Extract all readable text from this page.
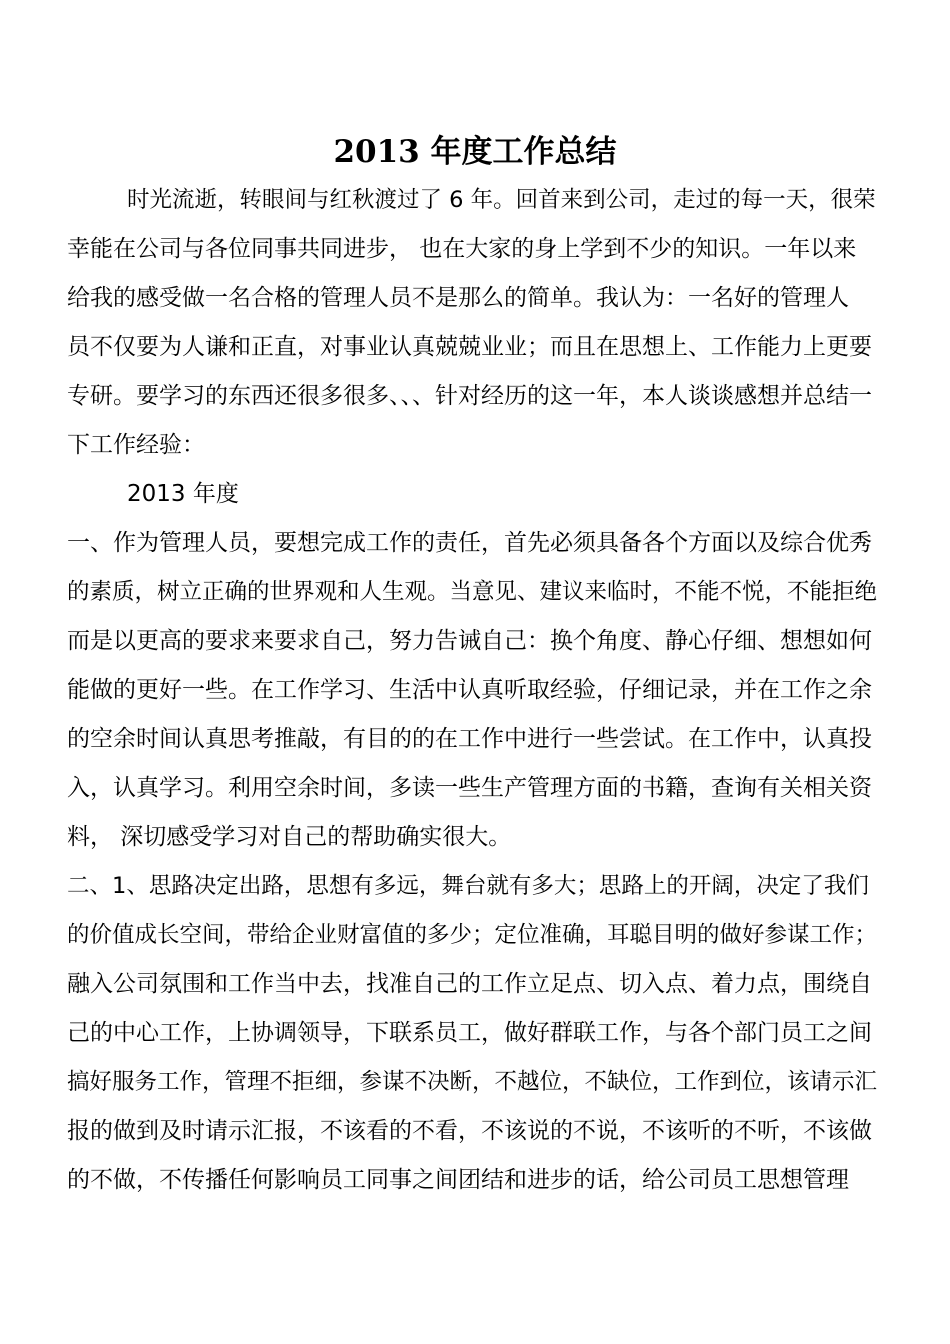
2013 年度工作总结
时光流逝，转眼间与红秋渡过了 6 年。回首来到公司，走过的每一天，很荣
幸能在公司与各位同事共同进步， 也在大家的身上学到不少的知识。一年以来
给我的感受做一名合格的管理人员不是那么的简单。我认为：一名好的管理人
员不仅要为人谦和正直，对事业认真兢兢业业；而且在思想上、工作能力上更要
专研。要学习的东西还很多很多、、、针对经历的这一年，本人谈谈感想并总结一
下工作经验：
2013 年度
一、作为管理人员，要想完成工作的责任，首先必须具备各个方面以及综合优秀
的素质，树立正确的世界观和人生观。当意见、建议来临时，不能不悦，不能拒绝
而是以更高的要求来要求自己，努力告诫自己：换个角度、静心仔细、想想如何
能做的更好一些。在工作学习、生活中认真听取经验，仔细记录，并在工作之余
的空余时间认真思考推敲，有目的的在工作中进行一些尝试。在工作中，认真投
入，认真学习。利用空余时间，多读一些生产管理方面的书籍，查询有关相关资
料， 深切感受学习对自己的帮助确实很大。
二、1、思路决定出路，思想有多远，舞台就有多大；思路上的开阔，决定了我们
的价值成长空间，带给企业财富值的多少；定位准确，耳聪目明的做好参谋工作；
融入公司氛围和工作当中去，找准自己的工作立足点、切入点、着力点，围绕自
己的中心工作，上协调领导，下联系员工，做好群联工作，与各个部门员工之间
搞好服务工作，管理不拒细，参谋不决断，不越位，不缺位，工作到位，该请示汇
报的做到及时请示汇报，不该看的不看，不该说的不说，不该听的不听，不该做
的不做，不传播任何影响员工同事之间团结和进步的话，给公司员工思想管理
